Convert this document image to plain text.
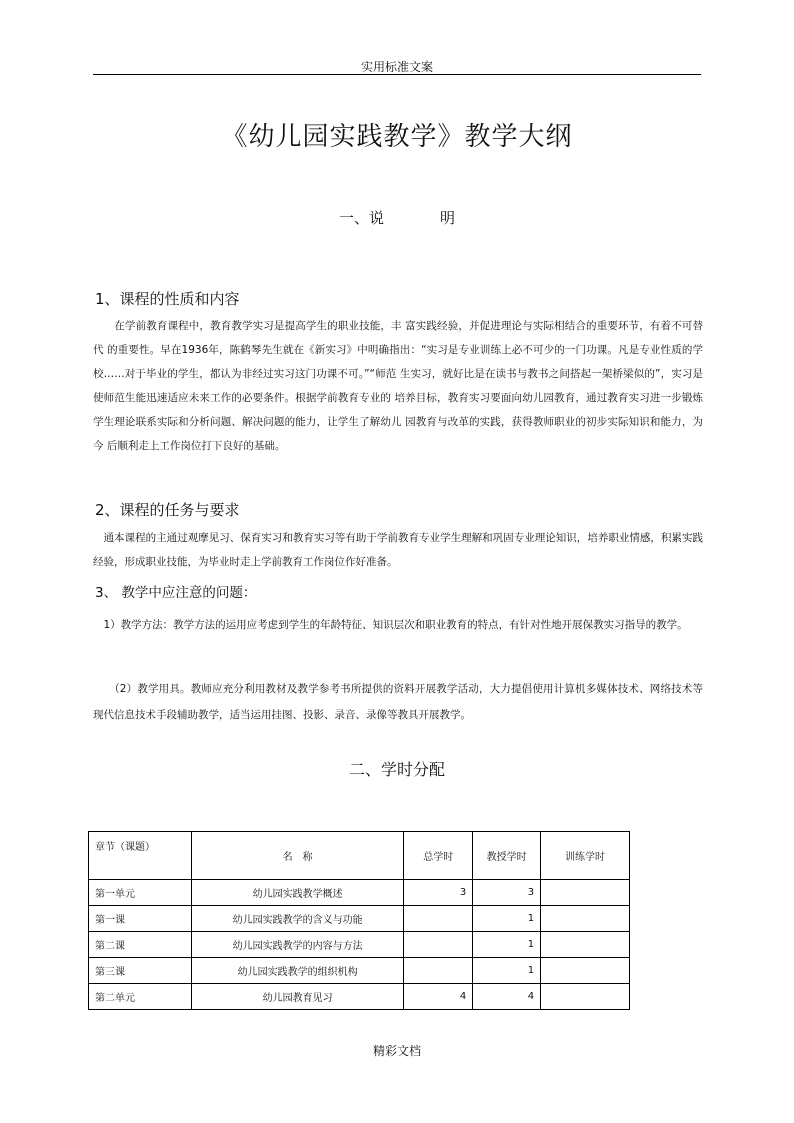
实用标准文案
《幼儿园实践教学》教学大纲
一、说	明
1、课程的性质和内容
　　在学前教育课程中，教育教学实习是提高学生的职业技能，丰 富实践经验，并促进理论与实际相结合的重要环节，有着不可替代 的重要性。早在1936年，陈鹤琴先生就在《新实习》中明确指出：“实习是专业训练上必不可少的一门功课。凡是专业性质的学 校……对于毕业的学生，都认为非经过实习这门功课不可。”“师范 生实习，就好比是在读书与教书之间搭起一架桥梁似的”，实习是 使师范生能迅速适应未来工作的必要条件。根据学前教育专业的 培养目标，教育实习要面向幼儿园教育，通过教育实习进一步锻炼 学生理论联系实际和分析问题、解决问题的能力，让学生了解幼儿 园教育与改革的实践，获得教师职业的初步实际知识和能力，为今 后顺利走上工作岗位打下良好的基础。
2、课程的任务与要求
　通本课程的主通过观摩见习、保育实习和教育实习等有助于学前教育专业学生理解和巩固专业理论知识，培养职业情感，积累实践经验，形成职业技能，为毕业时走上学前教育工作岗位作好准备。
3、 教学中应注意的问题：
　1）教学方法：教学方法的运用应考虑到学生的年龄特征、知识层次和职业教育的特点，有针对性地开展保教实习指导的教学。
　　（2）教学用具。教师应充分利用教材及教学参考书所提供的资料开展教学活动，大力提倡使用计算机多媒体技术、网络技术等现代信息技术手段辅助教学，适当运用挂图、投影、录音、录像等教具开展教学。
二、学时分配
章节（课题）	名　称	总学时	教授学时	训练学时
第一单元	幼儿园实践教学概述	3	3	
第一课	幼儿园实践教学的含义与功能		1	
第二课	幼儿园实践教学的内容与方法		1	
第三课	幼儿园实践教学的组织机构		1	
第二单元	幼儿园教育见习	4	4	
精彩文档
